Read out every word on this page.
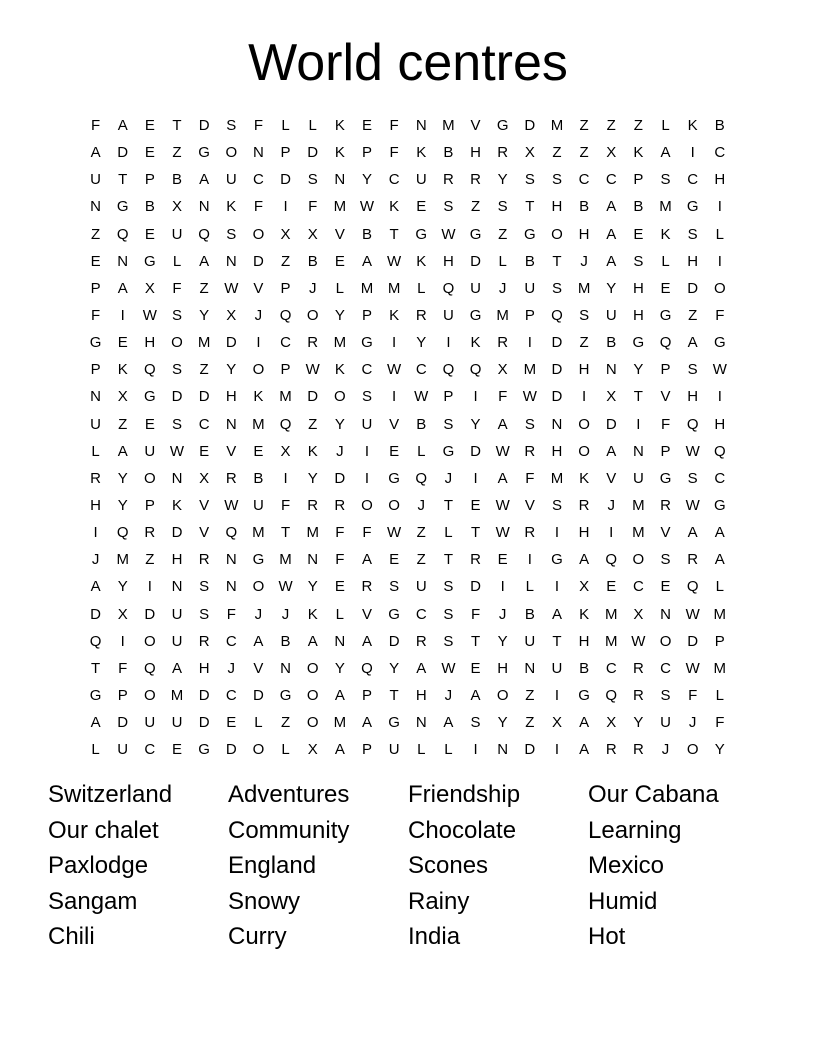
World centres
F	A	E	T	D	S	F	L	L	K	E	F	N	M	V	G	D	M	Z	Z	Z	L	K	B
A	D	E	Z	G	O	N	P	D	K	P	F	K	B	H	R	X	Z	Z	X	K	A	I	C
U	T	P	B	A	U	C	D	S	N	Y	C	U	R	R	Y	S	S	C	C	P	S	C	H
N	G	B	X	N	K	F	I	F	M W	K	E	S	Z	S	T	H	B	A	B	M	G	I
Z	Q	E	U	Q	S	O	X	X	V	B	T	G W G	Z	G	O	H	A	E	K	S	L
E	N	G	L	A	N	D	Z	B	E	A	W	K	H	D	L	B	T	J	A	S	L	H	I
P	A	X	F	Z	W	V	P	J	L	M M	L	Q	U	J	U	S	M	Y	H	E	D	O
F	I	W	S	Y	X	J	Q	O	Y	P	K	R	U	G	M	P	Q	S	U	H	G	Z	F
G	E	H	O	M	D	I	C	R	M	G	I	Y	I	K	R	I	D	Z	B	G	Q	A	G
P	K	Q	S	Z	Y	O	P	W	K	C W C	Q	Q	X	M	D	H	N	Y	P	S	W
N	X	G	D	D	H	K	M	D	O	S	I	W	P	I	F	W D	I	X	T	V	H	I
U	Z	E	S	C	N	M	Q	Z	Y	U	V	B	S	Y	A	S	N	O	D	I	F	Q	H
L	A	U W	E	V	E	X	K	J	I	E	L	G	D W R	H	O	A	N	P	W Q
R	Y	O	N	X	R	B	I	Y	D	I	G	Q	J	I	A	F	M	K	V	U	G	S	C
H	Y	P	K	V	W U	F	R	R	O	O	J	T	E	W	V	S	R	J	M	R W G
I	Q	R	D	V	Q	M	T	M	F	F	W	Z	L	T	W R	I	H	I	M	V	A	A
J	M	Z	H	R	N	G	M	N	F	A	E	Z	T	R	E	I	G	A	Q	O	S	R	A
A	Y	I	N	S	N	O W	Y	E	R	S	U	S	D	I	L	I	X	E	C	E	Q	L
D	X	D	U	S	F	J	J	K	L	V	G	C	S	F	J	B	A	K	M	X	N W M
Q	I	O	U	R	C	A	B	A	N	A	D	R	S	T	Y	U	T	H	M W O	D	P
T	F	Q	A	H	J	V	N	O	Y	Q	Y	A	W	E	H	N	U	B	C	R	C W M
G	P	O	M	D	C	D	G	O	A	P	T	H	J	A	O	Z	I	G	Q	R	S	F	L
A	D	U	U	D	E	L	Z	O	M	A	G	N	A	S	Y	Z	X	A	X	Y	U	J	F
L	U	C	E	G	D	O	L	X	A	P	U	L	L	I	N	D	I	A	R	R	J	O	Y
Switzerland	Adventures	Friendship	Our Cabana
Our chalet	Community	Chocolate	Learning
Paxlodge	England	Scones	Mexico
Sangam	Snowy	Rainy	Humid
Chili	Curry	India	Hot
